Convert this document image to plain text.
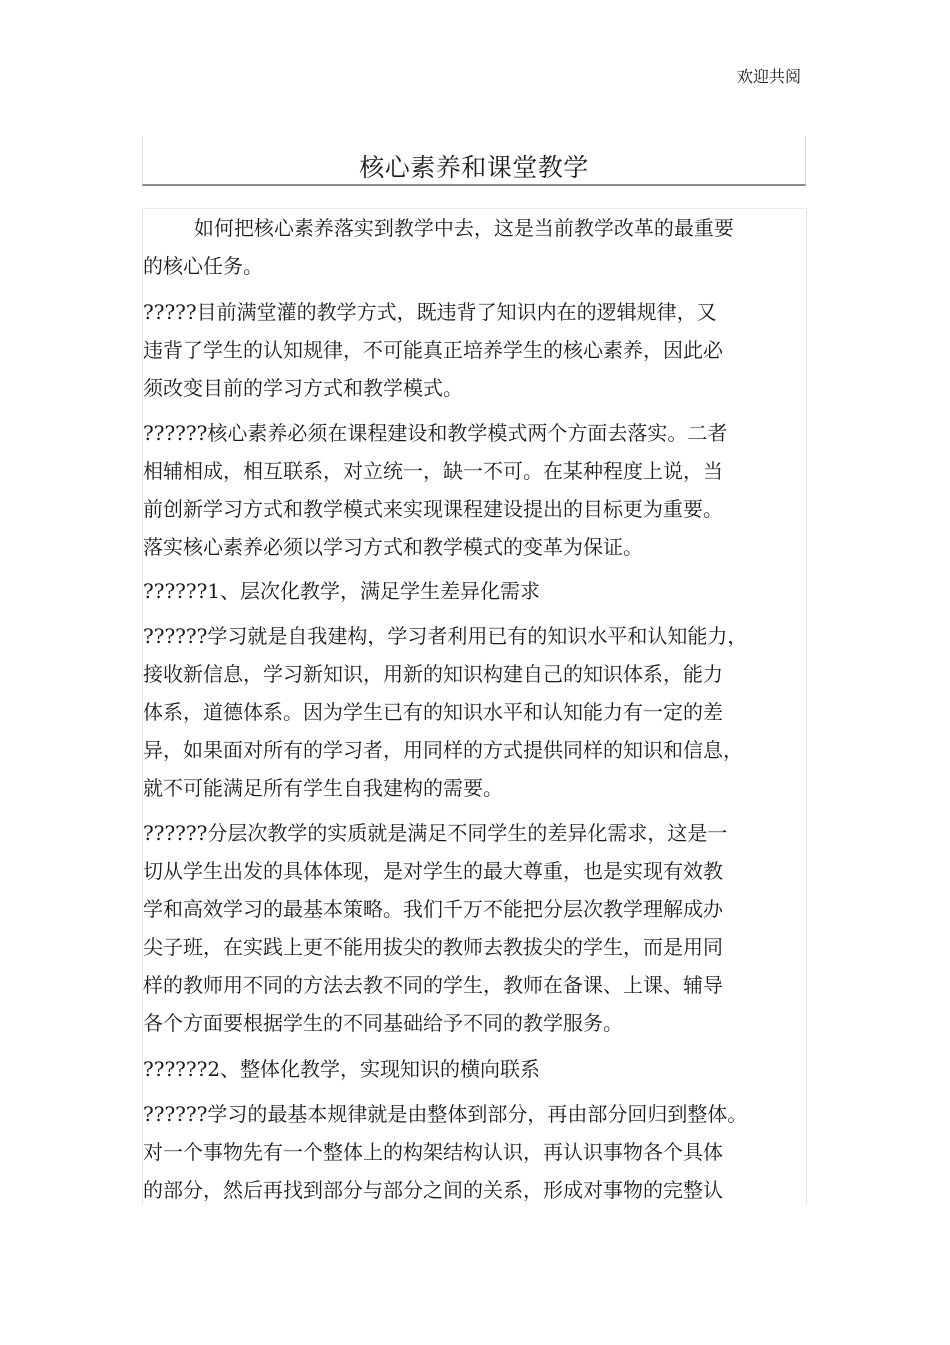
欢迎共阅
核心素养和课堂教学
如何把核心素养落实到教学中去，这是当前教学改革的最重要
的核心任务。
?????目前满堂灌的教学方式，既违背了知识内在的逻辑规律，又
违背了学生的认知规律，不可能真正培养学生的核心素养，因此必
须改变目前的学习方式和教学模式。
??????核心素养必须在课程建设和教学模式两个方面去落实。二者
相辅相成，相互联系，对立统一，缺一不可。在某种程度上说，当
前创新学习方式和教学模式来实现课程建设提出的目标更为重要。
落实核心素养必须以学习方式和教学模式的变革为保证。
??????1、层次化教学，满足学生差异化需求
??????学习就是自我建构，学习者利用已有的知识水平和认知能力，
接收新信息，学习新知识，用新的知识构建自己的知识体系，能力
体系，道德体系。因为学生已有的知识水平和认知能力有一定的差
异，如果面对所有的学习者，用同样的方式提供同样的知识和信息，
就不可能满足所有学生自我建构的需要。
??????分层次教学的实质就是满足不同学生的差异化需求，这是一
切从学生出发的具体体现，是对学生的最大尊重，也是实现有效教
学和高效学习的最基本策略。我们千万不能把分层次教学理解成办
尖子班，在实践上更不能用拔尖的教师去教拔尖的学生，而是用同
样的教师用不同的方法去教不同的学生，教师在备课、上课、辅导
各个方面要根据学生的不同基础给予不同的教学服务。
??????2、整体化教学，实现知识的横向联系
??????学习的最基本规律就是由整体到部分，再由部分回归到整体。
对一个事物先有一个整体上的构架结构认识，再认识事物各个具体
的部分，然后再找到部分与部分之间的关系，形成对事物的完整认
